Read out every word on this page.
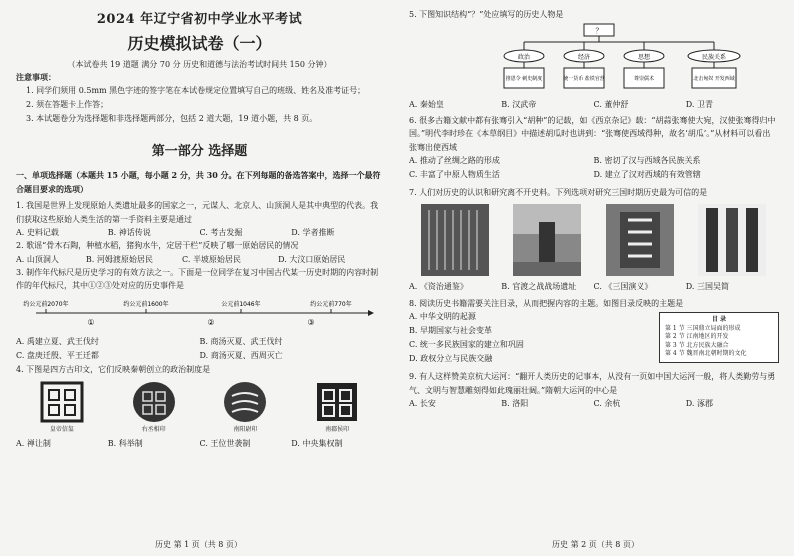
2024 年辽宁省初中学业水平考试
历史模拟试卷（一）
（本试卷共 19 道题 满分 70 分 历史和道德与法治考试时间共 150 分钟）
注意事项：
1. 同学们须用 0.5mm 黑色字迹的签字笔在本试卷规定位置填写自己的班级、姓名及准考证号；
2. 须在答题卡上作答；
3. 本试题卷分为选择题和非选择题两部分，包括 2 道大题，19 道小题，共 8 页。
第一部分 选择题
一、单项选择题（本题共 15 小题，每小题 2 分，共 30 分。在下列每题的备选答案中，选择一个最符合题目要求的选项）
1. 我国是世界上发现原始人类遗址最多的国家之一，元谋人、北京人、山顶洞人是其中典型的代表。我们获取这些原始人类生活的第一手资料主要是通过
A. 史料记载	B. 神话传说	C. 考古发掘	D. 学者推断
2. 歌谣“骨木石陶，种植水稻，猪狗水牛，定居干栏”反映了哪一原始居民的情况
A. 山顶洞人	B. 河姆渡原始居民	C. 半坡原始居民	D. 大汶口原始居民
3. 制作年代标尺是历史学习的有效方法之一。下面是一位同学在复习中国古代某一历史时期的内容时制作的年代标尺，其中①②③处对应的历史事件是
约公元前2070年	约公元前1600年	公元前1046年	约公元前770年
①	②	③
A. 禹建立夏、武王伐纣	B. 商汤灭夏、武王伐纣
C. 盘庚迁殷、平王迁都	D. 商汤灭夏、西周灭亡
4. 下图是四方古印文，它们反映秦朝创立的政治制度是
皇帝信玺	右丞相印	南阳尉印	南郡侯印
A. 禅让制	B. 科举制	C. 王位世袭制	D. 中央集权制
历史 第 1 页（共 8 页）
5. 下图知识结构“？”处应填写的历史人物是
？
政治	经济	思想	民族关系
推恩令 刺史制度	统一货币 盐铁官营	尊崇儒术	北击匈奴 开发西域
A. 秦始皇	B. 汉武帝	C. 董仲舒	D. 卫青
6. 很多古籍文献中都有张骞引入“胡种”的记载，如《西京杂记》载：“胡蒜张骞使大宛，汉使张骞得归中国。”明代李时珍在《本草纲目》中描述胡瓜时也讲到：“张骞使西域得种，故名‘胡瓜’。”从材料可以看出张骞出使西域
A. 推动了丝绸之路的形成	B. 密切了汉与西域各民族关系
C. 丰富了中原人物质生活	D. 建立了汉对西域的有效管辖
7. 人们对历史的认识和研究离不开史料。下列选项对研究三国时期历史最为可信的是
A. 《资治通鉴》	B. 官渡之战战场遗址	C. 《三国演义》	D. 三国吴简
8. 阅读历史书籍需要关注目录，从而把握内容的主题。如图目录反映的主题是
A. 中华文明的起源
B. 早期国家与社会变革
C. 统一多民族国家的建立和巩固
D. 政权分立与民族交融
目 录
第 1 节 三国鼎立局面的形成
第 2 节 江南地区的开发
第 3 节 北方民族大融合
第 4 节 魏晋南北朝时期的文化
9. 有人这样赞美京杭大运河：“翻开人类历史的记事本，从没有一页如中国大运河一般，将人类勤劳与勇气、文明与智慧雕刻得如此瑰丽壮阔。”隋朝大运河的中心是
A. 长安	B. 洛阳	C. 余杭	D. 涿郡
历史 第 2 页（共 8 页）
